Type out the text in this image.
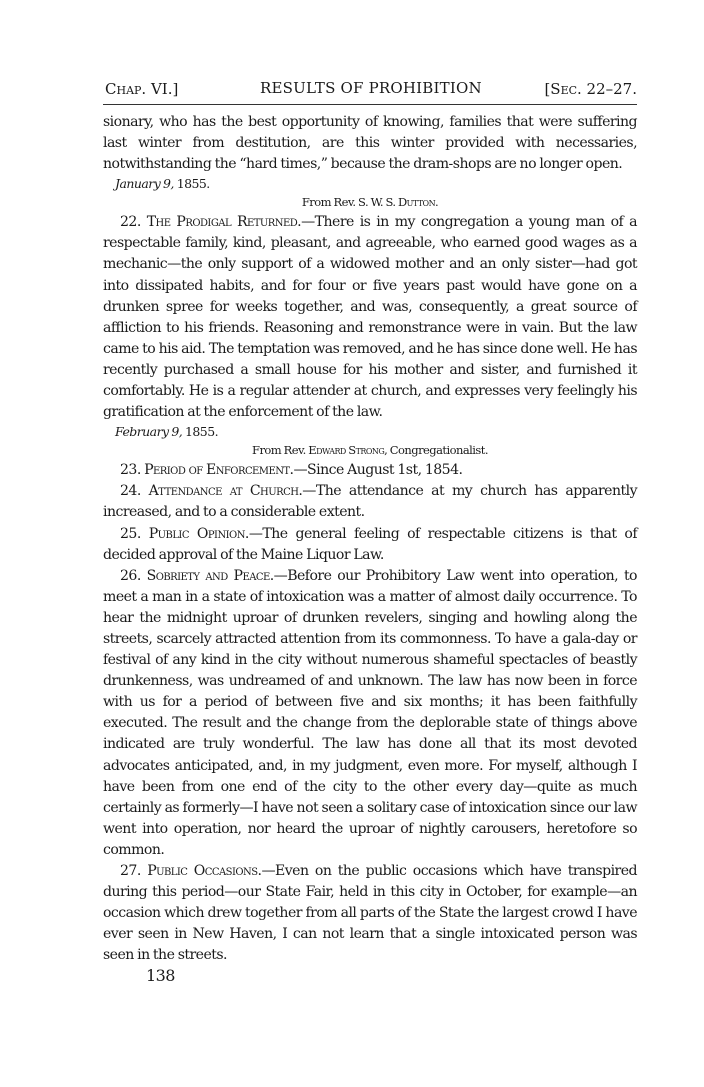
Chap. VI.]	RESULTS OF PROHIBITION	[Sec. 22–27.

sionary, who has the best opportunity of knowing, families that were suffering last winter from destitution, are this winter provided with necessaries, notwithstanding the “hard times,” because the dram-shops are no longer open.

January 9, 1855.

From Rev. S. W. S. Dutton.

22. The Prodigal Returned.—There is in my congregation a young man of a respectable family, kind, pleasant, and agreeable, who earned good wages as a mechanic—the only support of a widowed mother and an only sister—had got into dissipated habits, and for four or five years past would have gone on a drunken spree for weeks together, and was, consequently, a great source of affliction to his friends. Reasoning and remonstrance were in vain. But the law came to his aid. The temptation was removed, and he has since done well. He has recently purchased a small house for his mother and sister, and furnished it comfortably. He is a regular attender at church, and expresses very feelingly his gratification at the enforcement of the law.

February 9, 1855.

From Rev. Edward Strong, Congregationalist.

23. Period of Enforcement.—Since August 1st, 1854.

24. Attendance at Church.—The attendance at my church has apparently increased, and to a considerable extent.

25. Public Opinion.—The general feeling of respectable citizens is that of decided approval of the Maine Liquor Law.

26. Sobriety and Peace.—Before our Prohibitory Law went into operation, to meet a man in a state of intoxication was a matter of almost daily occurrence. To hear the midnight uproar of drunken revelers, singing and howling along the streets, scarcely attracted attention from its commonness. To have a gala-day or festival of any kind in the city without numerous shameful spectacles of beastly drunkenness, was undreamed of and unknown. The law has now been in force with us for a period of between five and six months; it has been faithfully executed. The result and the change from the deplorable state of things above indicated are truly wonderful. The law has done all that its most devoted advocates anticipated, and, in my judgment, even more. For myself, although I have been from one end of the city to the other every day—quite as much certainly as formerly—I have not seen a solitary case of intoxication since our law went into operation, nor heard the uproar of nightly carousers, heretofore so common.

27. Public Occasions.—Even on the public occasions which have transpired during this period—our State Fair, held in this city in October, for example—an occasion which drew together from all parts of the State the largest crowd I have ever seen in New Haven, I can not learn that a single intoxicated person was seen in the streets.

138
